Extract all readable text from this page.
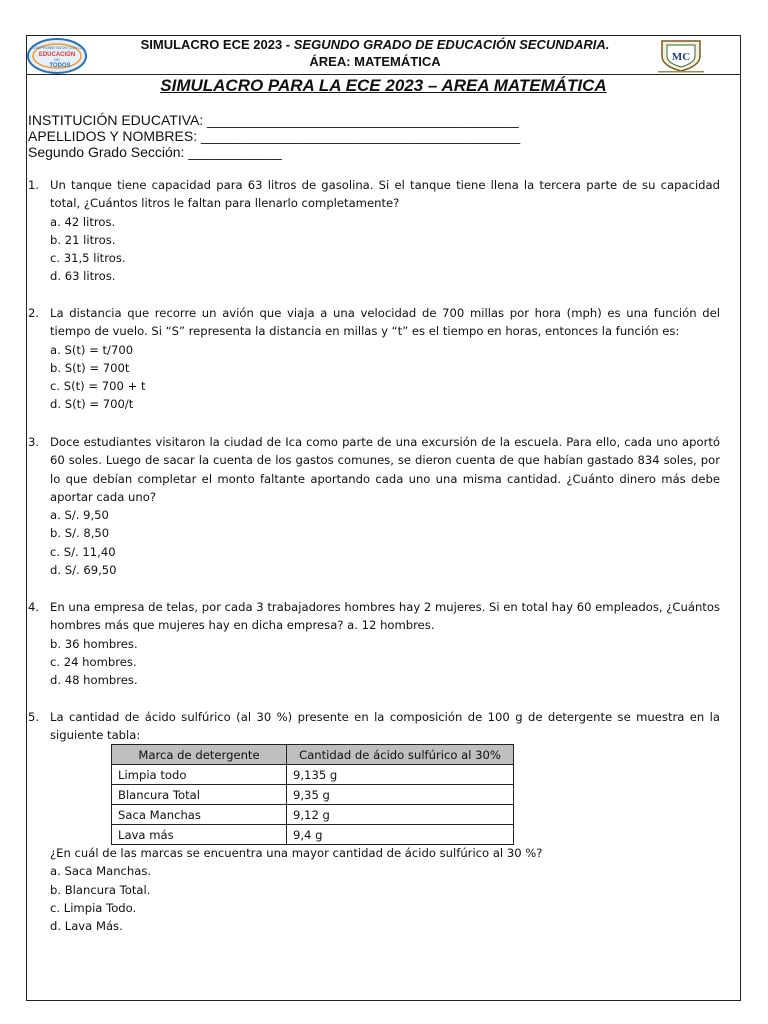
COMPROMETIDOS CON LA
EDUCACIÓN
DE
TODOS
MC
SIMULACRO ECE 2023 - SEGUNDO GRADO DE EDUCACIÓN SECUNDARIA.
ÁREA: MATEMÁTICA
SIMULACRO PARA LA ECE 2023 – AREA MATEMÁTICA
INSTITUCIÓN EDUCATIVA: ________________________________________
APELLIDOS Y NOMBRES: _________________________________________
Segundo Grado Sección: ____________
1. Un tanque tiene capacidad para 63 litros de gasolina. Si el tanque tiene llena la tercera parte de su capacidad total, ¿Cuántos litros le faltan para llenarlo completamente?
a. 42 litros.
b. 21 litros.
c. 31,5 litros.
d. 63 litros.
2. La distancia que recorre un avión que viaja a una velocidad de 700 millas por hora (mph) es una función del tiempo de vuelo. Si “S” representa la distancia en millas y “t” es el tiempo en horas, entonces la función es:
a. S(t) = t/700
b. S(t) = 700t
c. S(t) = 700 + t
d. S(t) = 700/t
3. Doce estudiantes visitaron la ciudad de Ica como parte de una excursión de la escuela. Para ello, cada uno aportó 60 soles. Luego de sacar la cuenta de los gastos comunes, se dieron cuenta de que habían gastado 834 soles, por lo que debían completar el monto faltante aportando cada uno una misma cantidad. ¿Cuánto dinero más debe aportar cada uno?
a. S/. 9,50
b. S/. 8,50
c. S/. 11,40
d. S/. 69,50
4. En una empresa de telas, por cada 3 trabajadores hombres hay 2 mujeres. Si en total hay 60 empleados, ¿Cuántos hombres más que mujeres hay en dicha empresa? a. 12 hombres.
b. 36 hombres.
c. 24 hombres.
d. 48 hombres.
5. La cantidad de ácido sulfúrico (al 30 %) presente en la composición de 100 g de detergente se muestra en la siguiente tabla:
Marca de detergente	Cantidad de ácido sulfúrico al 30%
Limpia todo	9,135 g
Blancura Total	9,35 g
Saca Manchas	9,12 g
Lava más	9,4 g
¿En cuál de las marcas se encuentra una mayor cantidad de ácido sulfúrico al 30 %?
a. Saca Manchas.
b. Blancura Total.
c. Limpia Todo.
d. Lava Más.
